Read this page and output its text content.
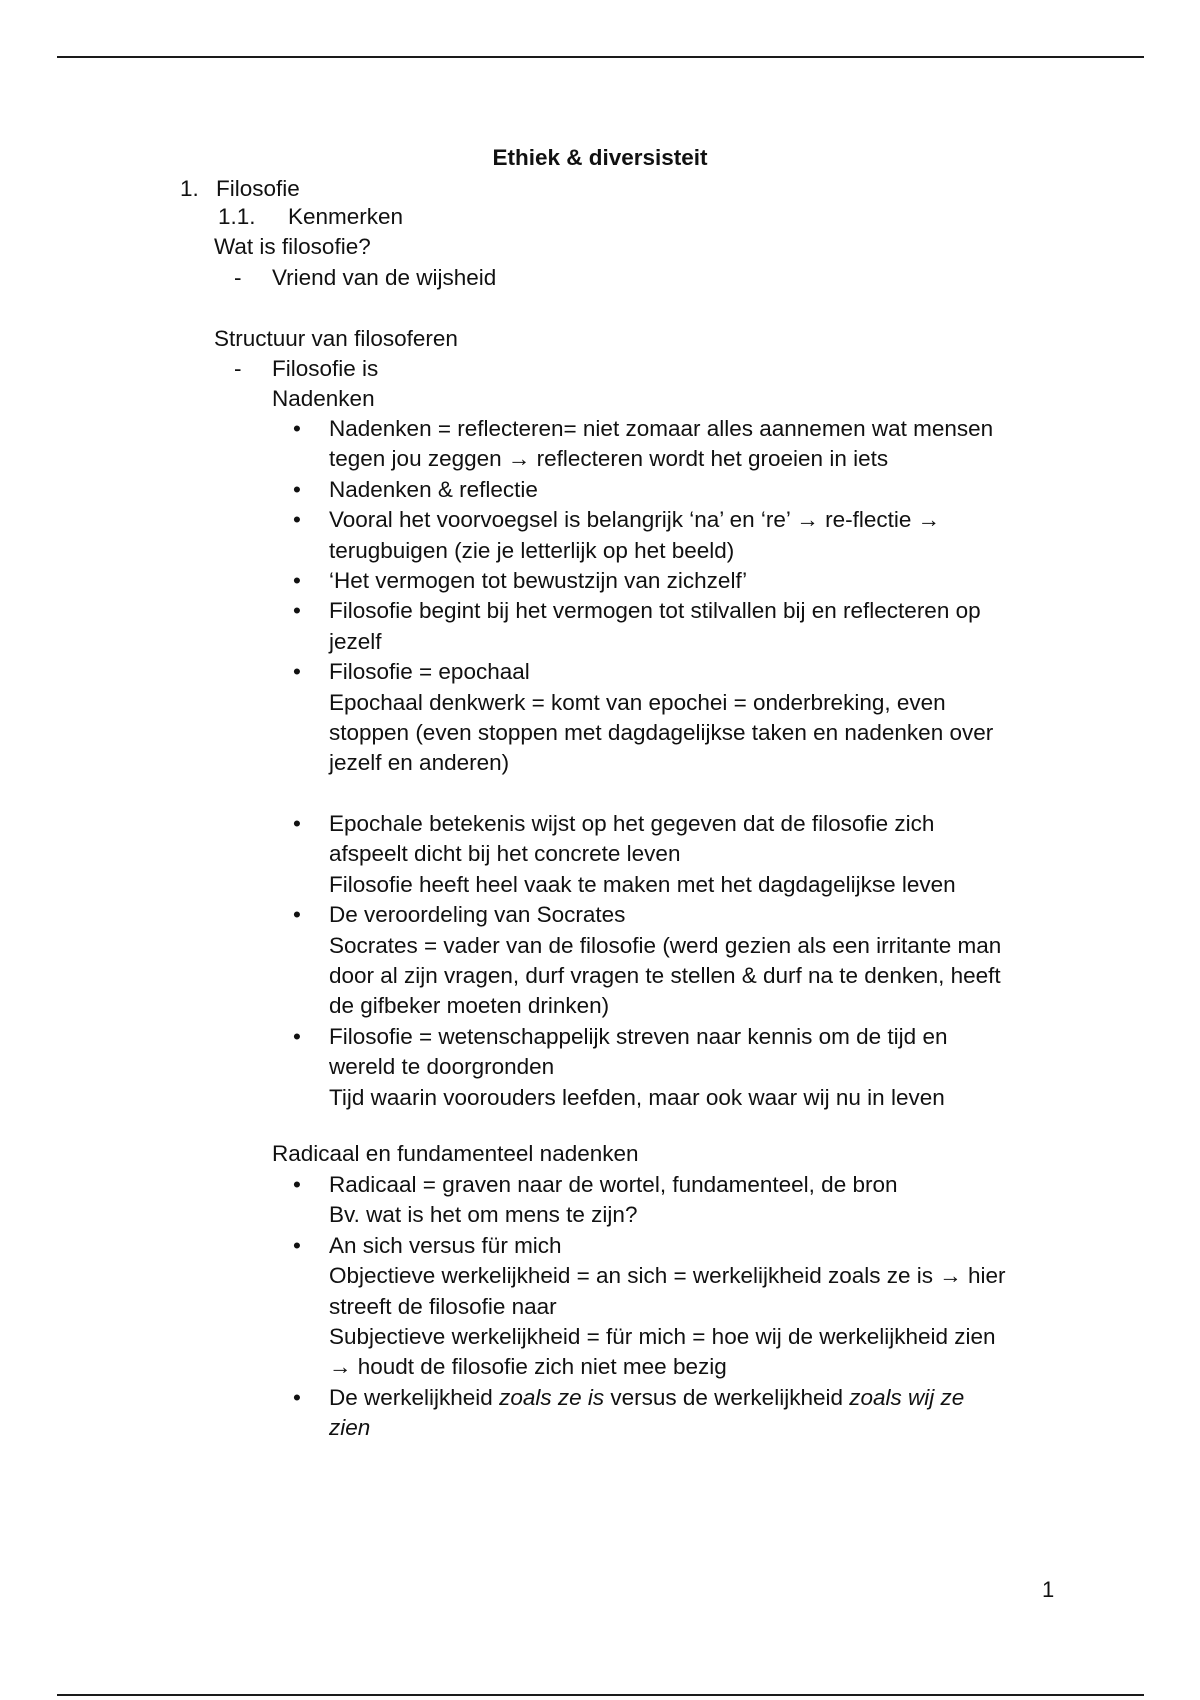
Ethiek & diversisteit
1. Filosofie
1.1. Kenmerken
Wat is filosofie?
- Vriend van de wijsheid
Structuur van filosoferen
- Filosofie is
Nadenken
• Nadenken = reflecteren= niet zomaar alles aannemen wat mensen
tegen jou zeggen → reflecteren wordt het groeien in iets
• Nadenken & reflectie
• Vooral het voorvoegsel is belangrijk ‘na’ en ‘re’ → re-flectie →
terugbuigen (zie je letterlijk op het beeld)
• ‘Het vermogen tot bewustzijn van zichzelf’
• Filosofie begint bij het vermogen tot stilvallen bij en reflecteren op
jezelf
• Filosofie = epochaal
Epochaal denkwerk = komt van epochei = onderbreking, even
stoppen (even stoppen met dagdagelijkse taken en nadenken over
jezelf en anderen)
• Epochale betekenis wijst op het gegeven dat de filosofie zich
afspeelt dicht bij het concrete leven
Filosofie heeft heel vaak te maken met het dagdagelijkse leven
• De veroordeling van Socrates
Socrates = vader van de filosofie (werd gezien als een irritante man
door al zijn vragen, durf vragen te stellen & durf na te denken, heeft
de gifbeker moeten drinken)
• Filosofie = wetenschappelijk streven naar kennis om de tijd en
wereld te doorgronden
Tijd waarin voorouders leefden, maar ook waar wij nu in leven
Radicaal en fundamenteel nadenken
• Radicaal = graven naar de wortel, fundamenteel, de bron
Bv. wat is het om mens te zijn?
• An sich versus für mich
Objectieve werkelijkheid = an sich = werkelijkheid zoals ze is → hier
streeft de filosofie naar
Subjectieve werkelijkheid = für mich = hoe wij de werkelijkheid zien
→ houdt de filosofie zich niet mee bezig
• De werkelijkheid zoals ze is versus de werkelijkheid zoals wij ze
zien
1
